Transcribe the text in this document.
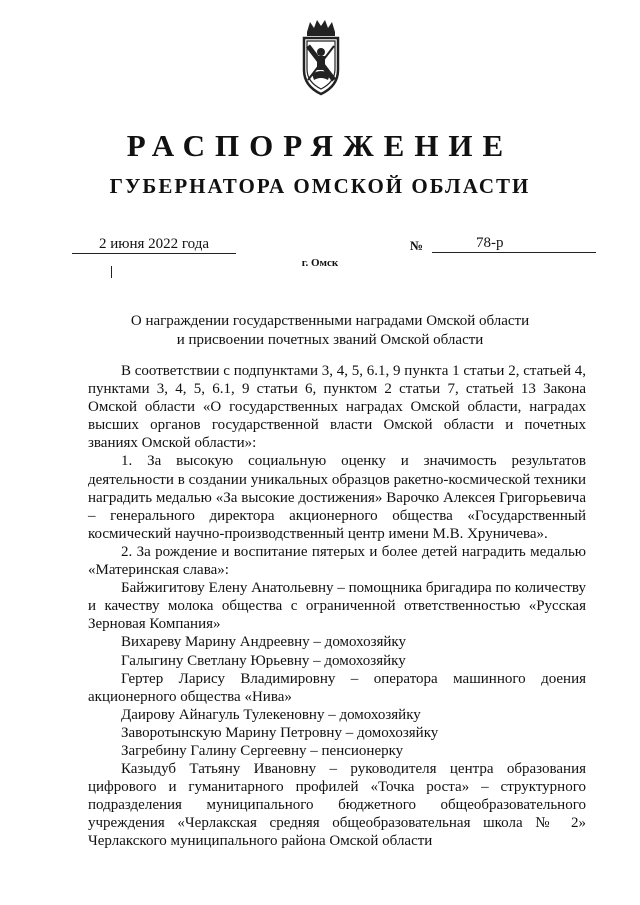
РАСПОРЯЖЕНИЕ
ГУБЕРНАТОРА ОМСКОЙ ОБЛАСТИ
2 июня 2022 года	№	78-р
г. Омск
О награждении государственными наградами Омской области
и присвоении почетных званий Омской области

В соответствии с подпунктами 3, 4, 5, 6.1, 9 пункта 1 статьи 2, статьей 4, пунктами 3, 4, 5, 6.1, 9 статьи 6, пунктом 2 статьи 7, статьей 13 Закона Омской области «О государственных наградах Омской области, наградах высших органов государственной власти Омской области и почетных званиях Омской области»:

1. За высокую социальную оценку и значимость результатов деятельности в создании уникальных образцов ракетно-космической техники наградить медалью «За высокие достижения» Варочко Алексея Григорьевича – генерального директора акционерного общества «Государственный космический научно-производственный центр имени М.В. Хруничева».

2. За рождение и воспитание пятерых и более детей наградить медалью «Материнская слава»:

Байжигитову Елену Анатольевну – помощника бригадира по количеству и качеству молока общества с ограниченной ответственностью «Русская Зерновая Компания»

Вихареву Марину Андреевну – домохозяйку

Галыгину Светлану Юрьевну – домохозяйку

Гертер Ларису Владимировну – оператора машинного доения акционерного общества «Нива»

Даирову Айнагуль Тулекеновну – домохозяйку

Заворотынскую Марину Петровну – домохозяйку

Загребину Галину Сергеевну – пенсионерку

Казыдуб Татьяну Ивановну – руководителя центра образования цифрового и гуманитарного профилей «Точка роста» – структурного подразделения муниципального бюджетного общеобразовательного учреждения «Черлакская средняя общеобразовательная школа № 2» Черлакского муниципального района Омской области
